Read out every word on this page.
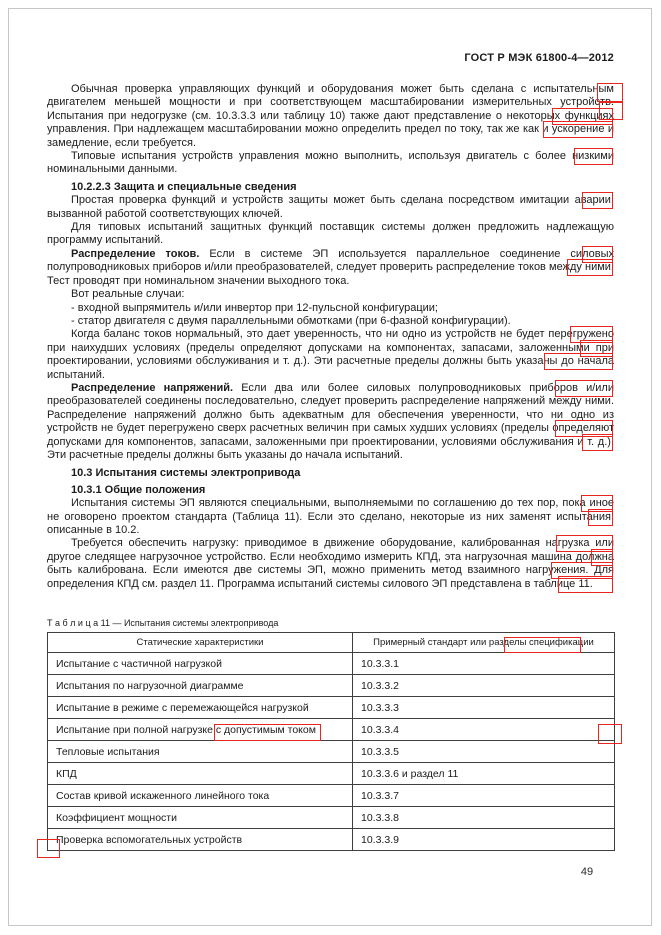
ГОСТ Р МЭК 61800-4—2012

Обычная проверка управляющих функций и оборудования может быть сделана с испытательным двигателем меньшей мощности и при соответствующем масштабировании измерительных устройств. Испытания при недогрузке (см. 10.3.3.3 или таблицу 10) также дают представление о некоторых функциях управления. При надлежащем масштабировании можно определить предел по току, так же как и ускорение и замедление, если требуется.

Типовые испытания устройств управления можно выполнить, используя двигатель с более низкими номинальными данными.

10.2.2.3 Защита и специальные сведения

Простая проверка функций и устройств защиты может быть сделана посредством имитации аварии, вызванной работой соответствующих ключей.

Для типовых испытаний защитных функций поставщик системы должен предложить надлежащую программу испытаний.

Распределение токов. Если в системе ЭП используется параллельное соединение силовых полупроводниковых приборов и/или преобразователей, следует проверить распределение токов между ними. Тест проводят при номинальном значении выходного тока.

Вот реальные случаи:

- входной выпрямитель и/или инвертор при 12-пульсной конфигурации;

- статор двигателя с двумя параллельными обмотками (при 6-фазной конфигурации).

Когда баланс токов нормальный, это дает уверенность, что ни одно из устройств не будет перегружено при наихудших условиях (пределы определяют допусками на компонентах, запасами, заложенными при проектировании, условиями обслуживания и т. д.). Эти расчетные пределы должны быть указаны до начала испытаний.

Распределение напряжений. Если два или более силовых полупроводниковых приборов и/или преобразователей соединены последовательно, следует проверить распределение напряжений между ними. Распределение напряжений должно быть адекватным для обеспечения уверенности, что ни одно из устройств не будет перегружено сверх расчетных величин при самых худших условиях (пределы определяют допусками для компонентов, запасами, заложенными при проектировании, условиями обслуживания и т. д.). Эти расчетные пределы должны быть указаны до начала испытаний.

10.3 Испытания системы электропривода
10.3.1 Общие положения

Испытания системы ЭП являются специальными, выполняемыми по соглашению до тех пор, пока иное не оговорено проектом стандарта (Таблица 11). Если это сделано, некоторые из них заменят испытания, описанные в 10.2.

Требуется обеспечить нагрузку: приводимое в движение оборудование, калиброванная нагрузка или другое следящее нагрузочное устройство. Если необходимо измерить КПД, эта нагрузочная машина должна быть калибрована. Если имеются две системы ЭП, можно применить метод взаимного нагружения. Для определения КПД см. раздел 11. Программа испытаний системы силового ЭП представлена в таблице 11.

Т а б л и ц а 11 — Испытания системы электропривода
Статические характеристики	Примерный стандарт или разделы спецификации
Испытание с частичной нагрузкой	10.3.3.1
Испытания по нагрузочной диаграмме	10.3.3.2
Испытание в режиме с перемежающейся нагрузкой	10.3.3.3
Испытание при полной нагрузке с допустимым током	10.3.3.4
Тепловые испытания	10.3.3.5
КПД	10.3.3.6 и раздел 11
Состав кривой искаженного линейного тока	10.3.3.7
Коэффициент мощности	10.3.3.8
Проверка вспомогательных устройств	10.3.3.9
49
